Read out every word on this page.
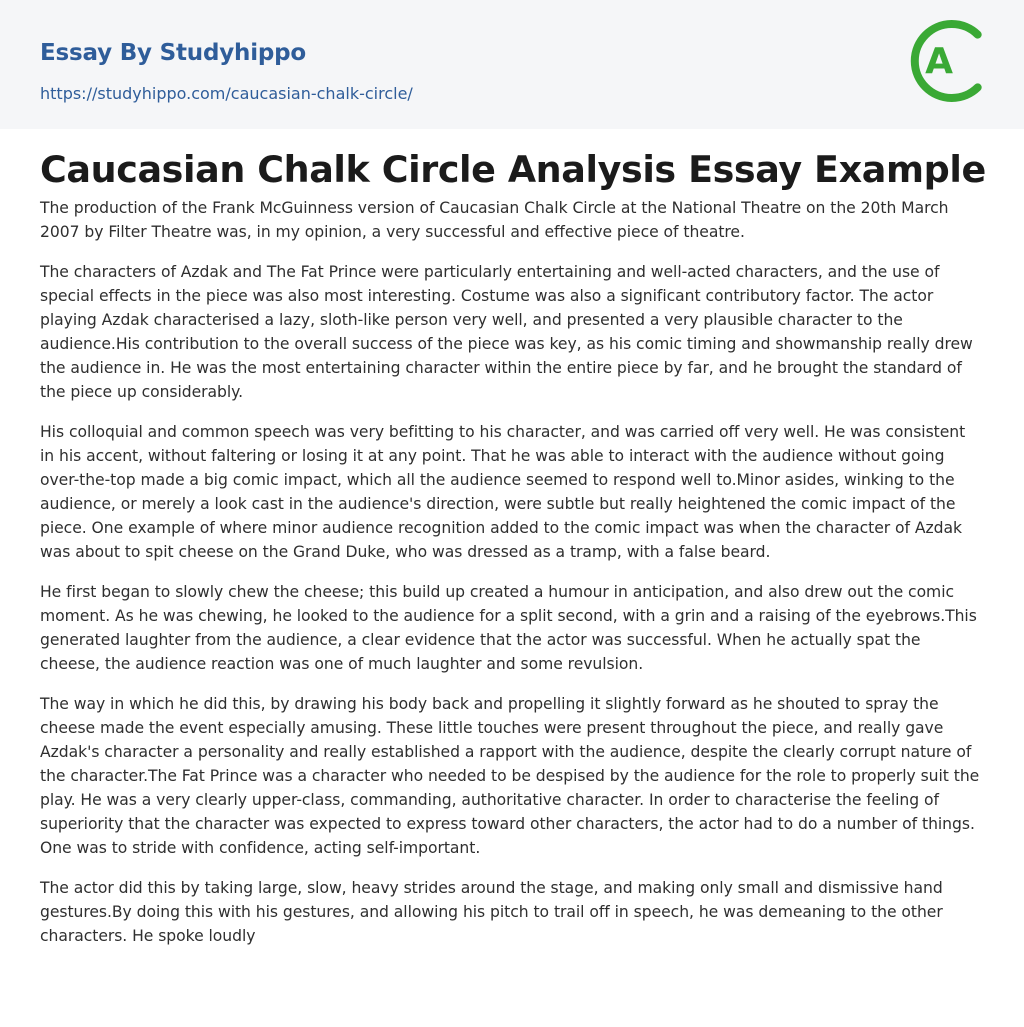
Essay By Studyhippo
https://studyhippo.com/caucasian-chalk-circle/
A
Caucasian Chalk Circle Analysis Essay Example

The production of the Frank McGuinness version of Caucasian Chalk Circle at the National Theatre on the 20th March 2007 by Filter Theatre was, in my opinion, a very successful and effective piece of theatre.

The characters of Azdak and The Fat Prince were particularly entertaining and well-acted characters, and the use of special effects in the piece was also most interesting. Costume was also a significant contributory factor. The actor playing Azdak characterised a lazy, sloth-like person very well, and presented a very plausible character to the audience.His contribution to the overall success of the piece was key, as his comic timing and showmanship really drew the audience in. He was the most entertaining character within the entire piece by far, and he brought the standard of the piece up considerably.

His colloquial and common speech was very befitting to his character, and was carried off very well. He was consistent in his accent, without faltering or losing it at any point. That he was able to interact with the audience without going over-the-top made a big comic impact, which all the audience seemed to respond well to.Minor asides, winking to the audience, or merely a look cast in the audience's direction, were subtle but really heightened the comic impact of the piece. One example of where minor audience recognition added to the comic impact was when the character of Azdak was about to spit cheese on the Grand Duke, who was dressed as a tramp, with a false beard.

He first began to slowly chew the cheese; this build up created a humour in anticipation, and also drew out the comic moment. As he was chewing, he looked to the audience for a split second, with a grin and a raising of the eyebrows.This generated laughter from the audience, a clear evidence that the actor was successful. When he actually spat the cheese, the audience reaction was one of much laughter and some revulsion.

The way in which he did this, by drawing his body back and propelling it slightly forward as he shouted to spray the cheese made the event especially amusing. These little touches were present throughout the piece, and really gave Azdak's character a personality and really established a rapport with the audience, despite the clearly corrupt nature of the character.The Fat Prince was a character who needed to be despised by the audience for the role to properly suit the play. He was a very clearly upper-class, commanding, authoritative character. In order to characterise the feeling of superiority that the character was expected to express toward other characters, the actor had to do a number of things. One was to stride with confidence, acting self-important.

The actor did this by taking large, slow, heavy strides around the stage, and making only small and dismissive hand gestures.By doing this with his gestures, and allowing his pitch to trail off in speech, he was demeaning to the other characters. He spoke loudly
